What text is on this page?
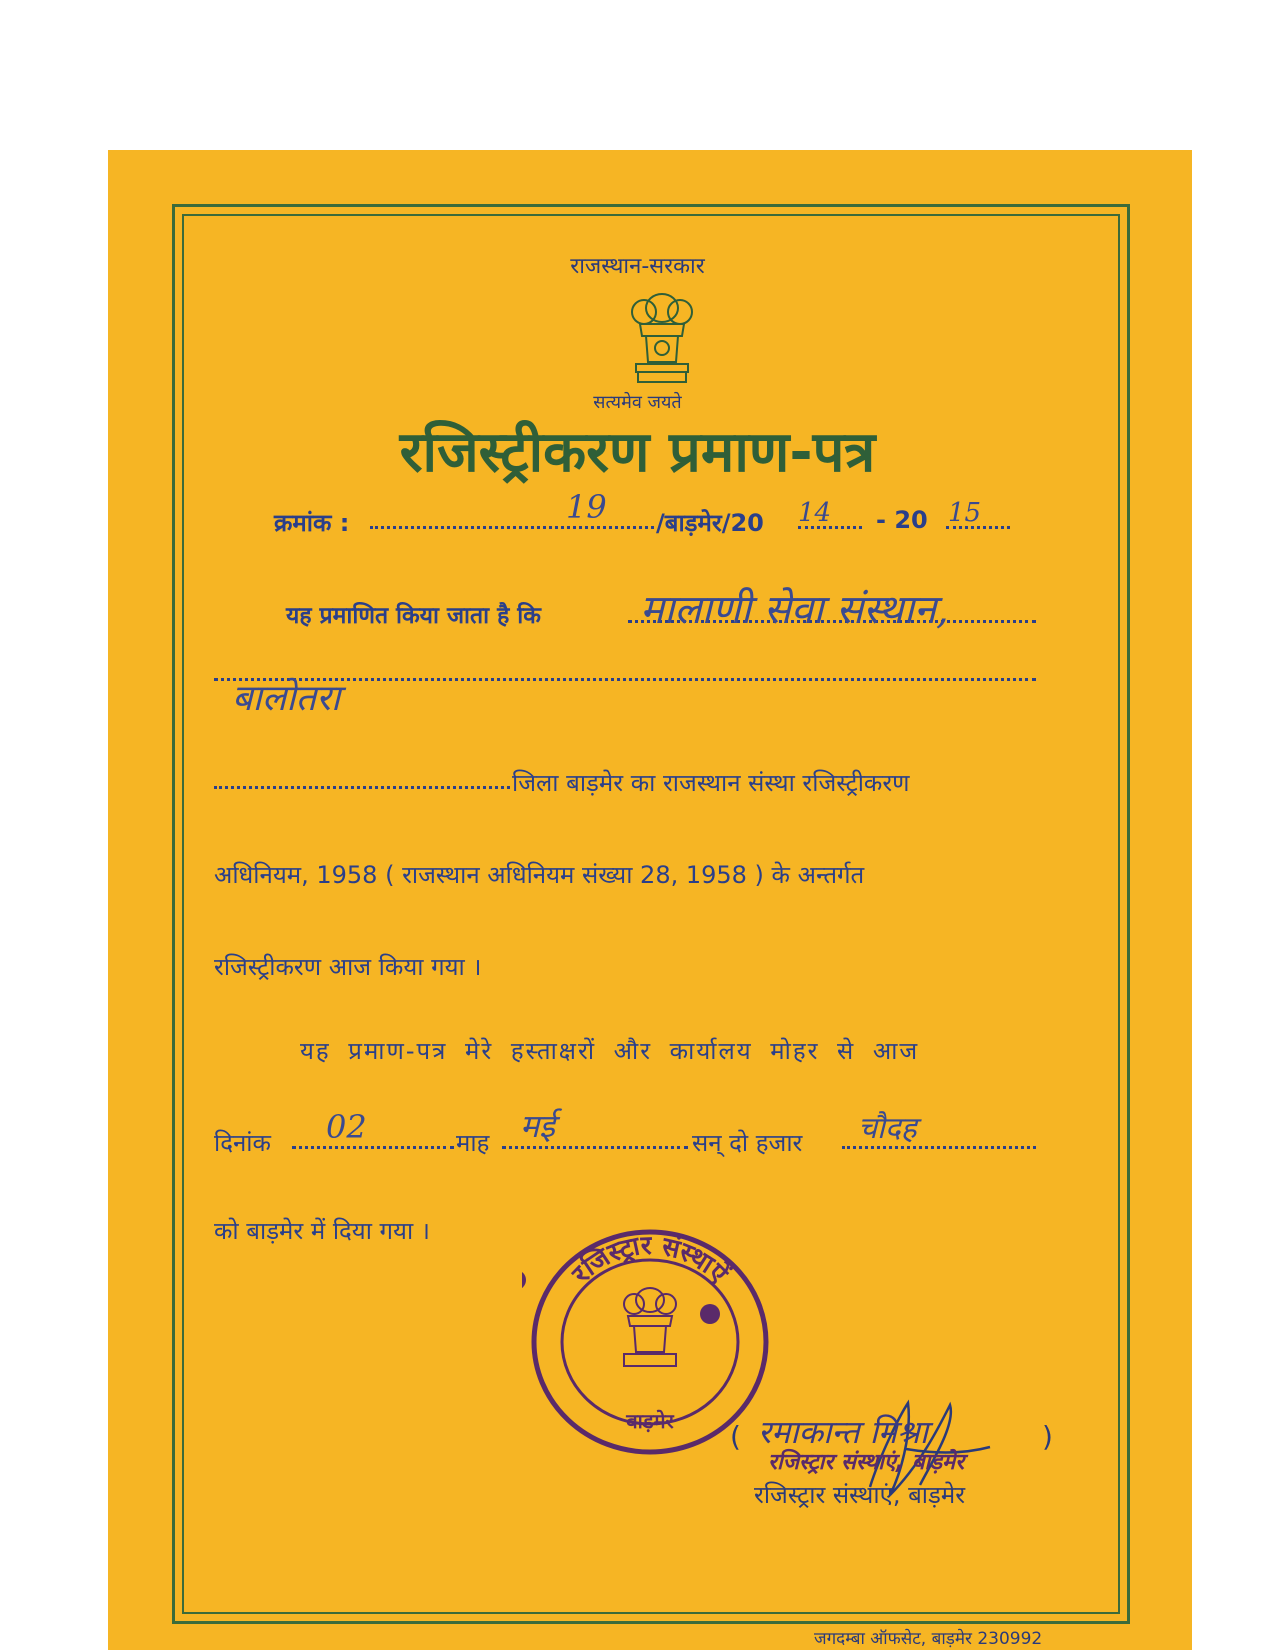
राजस्थान-सरकार
सत्यमेव जयते
रजिस्ट्रीकरण प्रमाण-पत्र
क्रमांक :	19 /बाड़मेर/20 14 - 20 15
यह प्रमाणित किया जाता है कि मालाणी सेवा संस्थान,
बालोतरा
जिला बाड़मेर का राजस्थान संस्था रजिस्ट्रीकरण
अधिनियम, 1958 ( राजस्थान अधिनियम संख्या 28, 1958 ) के अन्तर्गत
रजिस्ट्रीकरण आज किया गया ।
यह प्रमाण-पत्र मेरे हस्ताक्षरों और कार्यालय मोहर से आज
दिनांक 02	माह मई	सन् दो हजार चौदह
को बाड़मेर में दिया गया ।
रजिस्ट्रार संस्थाऐं
बाड़मेर ( रमाकान्त मिश्रा	)
रजिस्ट्रार संस्थाएं, बाड़मेर
रजिस्ट्रार संस्थाएं, बाड़मेर
जगदम्बा ऑफसेट, बाड़मेर 230992
